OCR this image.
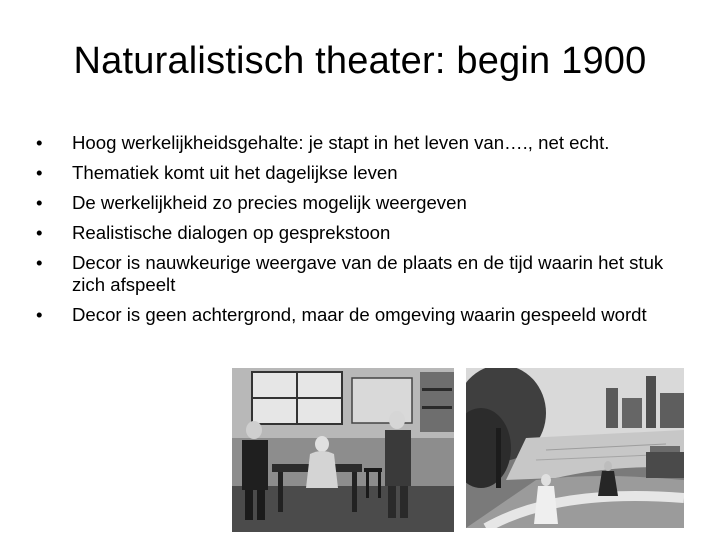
Naturalistisch theater: begin 1900
•	Hoog werkelijkheidsgehalte: je stapt in het leven van…., net echt.
•	Thematiek komt uit het dagelijkse leven
•	De werkelijkheid zo precies mogelijk weergeven
•	Realistische dialogen op gesprekstoon
•	Decor is nauwkeurige weergave van de plaats en de tijd waarin het stuk zich afspeelt
•	Decor is geen achtergrond, maar de omgeving waarin gespeeld wordt
